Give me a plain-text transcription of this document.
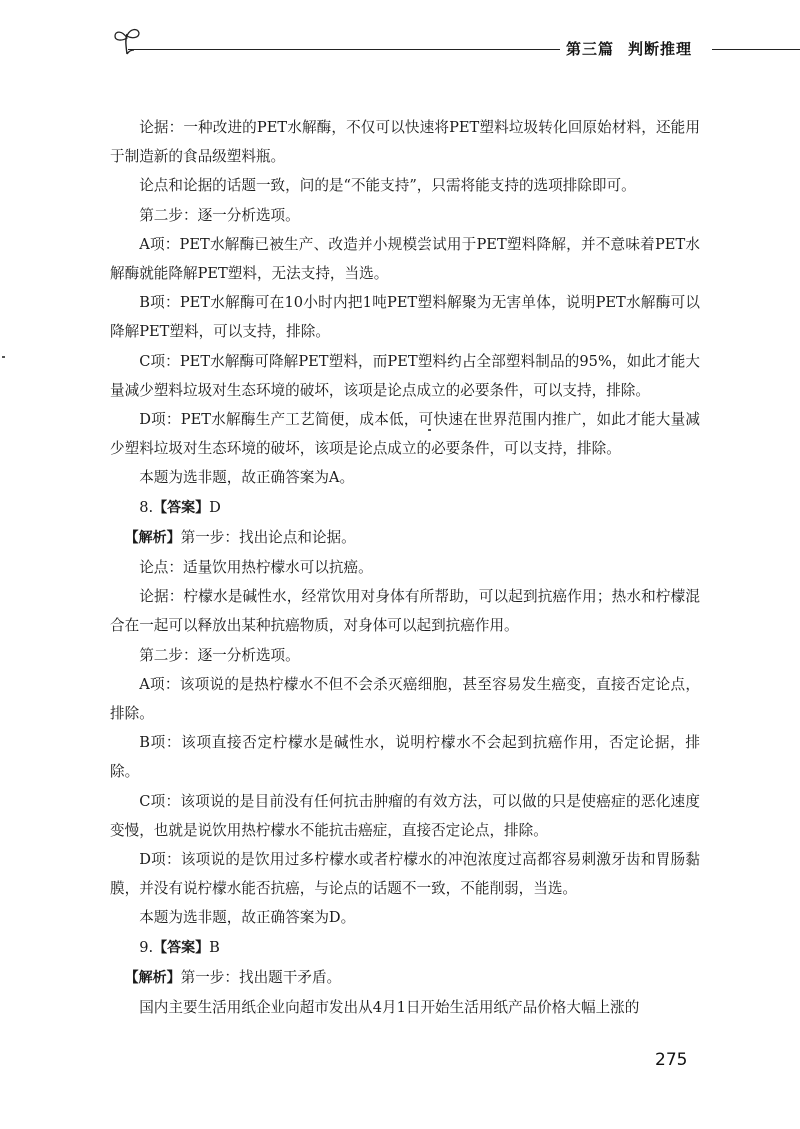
第三篇 判断推理

论据：一种改进的PET水解酶，不仅可以快速将PET塑料垃圾转化回原始材料，还能用于制造新的食品级塑料瓶。

论点和论据的话题一致，问的是“不能支持”，只需将能支持的选项排除即可。

第二步：逐一分析选项。

A项：PET水解酶已被生产、改造并小规模尝试用于PET塑料降解，并不意味着PET水解酶就能降解PET塑料，无法支持，当选。

B项：PET水解酶可在10小时内把1吨PET塑料解聚为无害单体，说明PET水解酶可以降解PET塑料，可以支持，排除。

C项：PET水解酶可降解PET塑料，而PET塑料约占全部塑料制品的95%，如此才能大量减少塑料垃圾对生态环境的破坏，该项是论点成立的必要条件，可以支持，排除。

D项：PET水解酶生产工艺简便，成本低，可快速在世界范围内推广，如此才能大量减少塑料垃圾对生态环境的破坏，该项是论点成立的必要条件，可以支持，排除。

本题为选非题，故正确答案为A。

8.【答案】D

【解析】第一步：找出论点和论据。

论点：适量饮用热柠檬水可以抗癌。

论据：柠檬水是碱性水，经常饮用对身体有所帮助，可以起到抗癌作用；热水和柠檬混合在一起可以释放出某种抗癌物质，对身体可以起到抗癌作用。

第二步：逐一分析选项。

A项：该项说的是热柠檬水不但不会杀灭癌细胞，甚至容易发生癌变，直接否定论点，排除。

B项：该项直接否定柠檬水是碱性水，说明柠檬水不会起到抗癌作用，否定论据，排除。

C项：该项说的是目前没有任何抗击肿瘤的有效方法，可以做的只是使癌症的恶化速度变慢，也就是说饮用热柠檬水不能抗击癌症，直接否定论点，排除。

D项：该项说的是饮用过多柠檬水或者柠檬水的冲泡浓度过高都容易刺激牙齿和胃肠黏膜，并没有说柠檬水能否抗癌，与论点的话题不一致，不能削弱，当选。

本题为选非题，故正确答案为D。

9.【答案】B

【解析】第一步：找出题干矛盾。

国内主要生活用纸企业向超市发出从4月1日开始生活用纸产品价格大幅上涨的

275
